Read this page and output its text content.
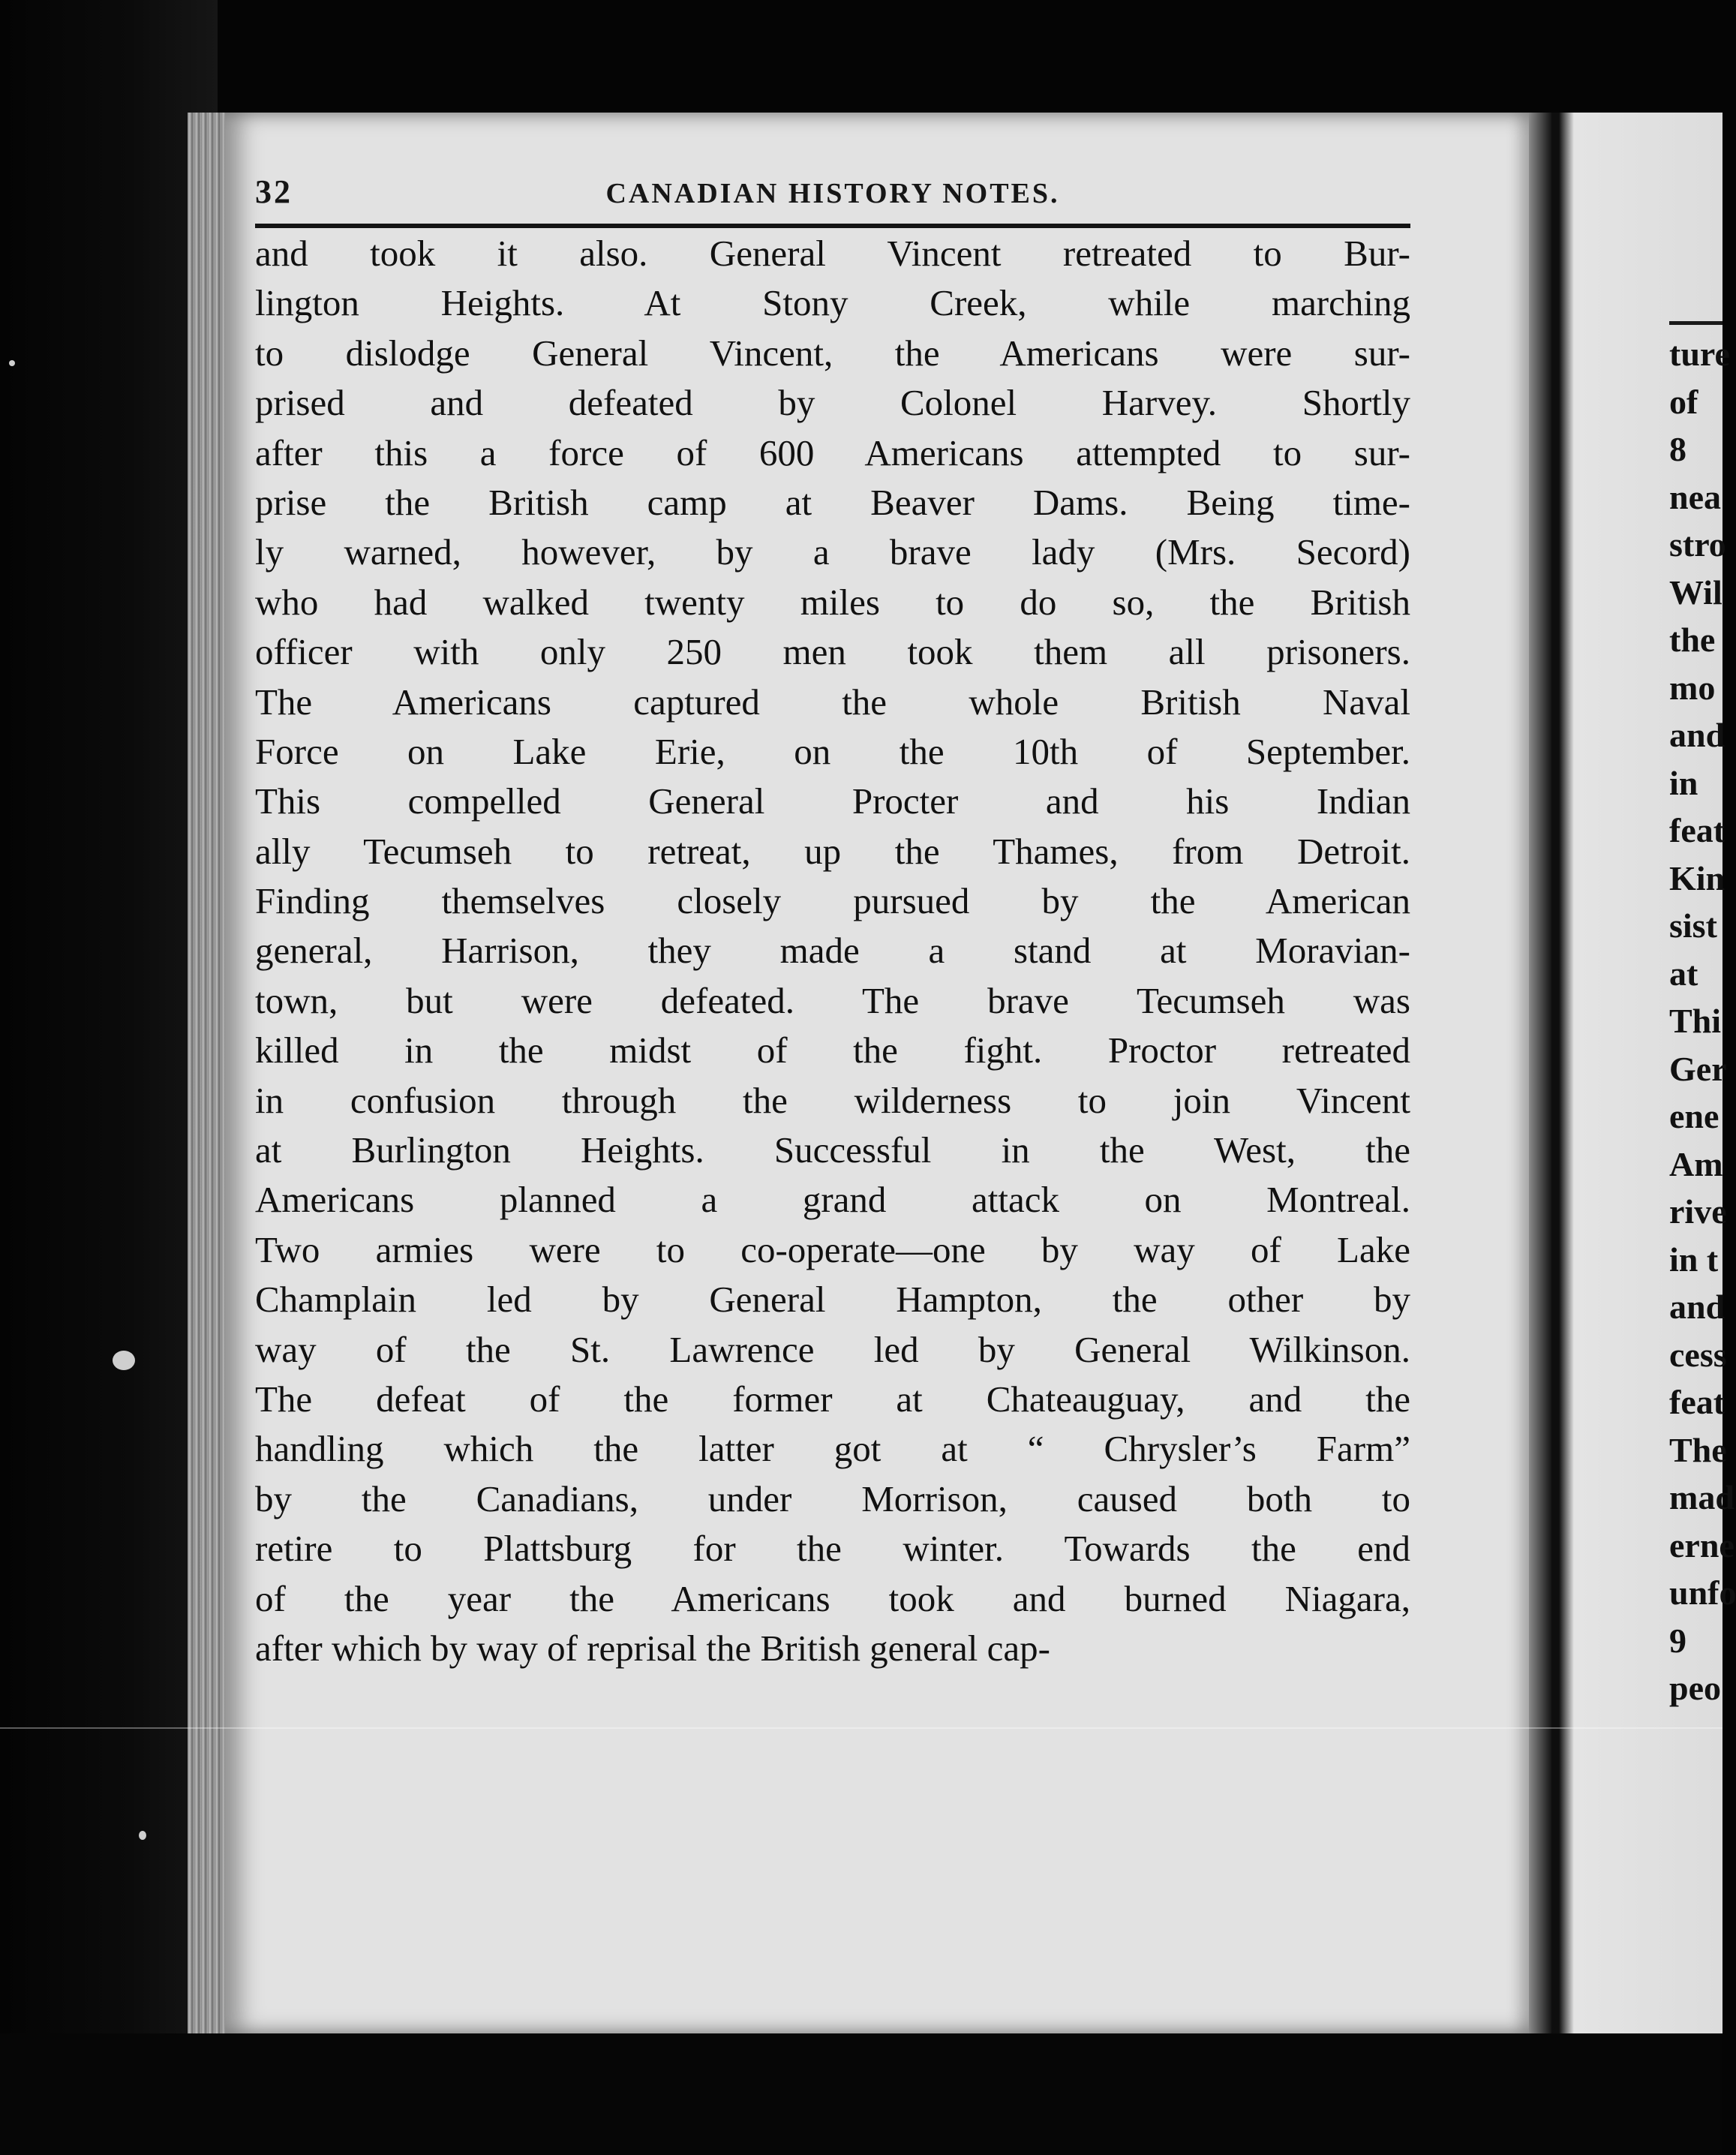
32	CANADIAN HISTORY NOTES.
and took it also. General Vincent retreated to Bur-
lington Heights. At Stony Creek, while marching
to dislodge General Vincent, the Americans were sur-
prised and defeated by Colonel Harvey. Shortly
after this a force of 600 Americans attempted to sur-
prise the British camp at Beaver Dams. Being time-
ly warned, however, by a brave lady (Mrs. Secord)
who had walked twenty miles to do so, the British
officer with only 250 men took them all prisoners.
The Americans captured the whole British Naval
Force on Lake Erie, on the 10th of September.
This compelled General Procter and his Indian
ally Tecumseh to retreat, up the Thames, from Detroit.
Finding themselves closely pursued by the American
general, Harrison, they made a stand at Moravian-
town, but were defeated. The brave Tecumseh was
killed in the midst of the fight. Proctor retreated
in confusion through the wilderness to join Vincent
at Burlington Heights. Successful in the West, the
Americans planned a grand attack on Montreal.
Two armies were to co-operate—one by way of Lake
Champlain led by General Hampton, the other by
way of the St. Lawrence led by General Wilkinson.
The defeat of the former at Chateauguay, and the
handling which the latter got at “ Chrysler’s Farm”
by the Canadians, under Morrison, caused both to
retire to Plattsburg for the winter. Towards the end
of the year the Americans took and burned Niagara,
after which by way of reprisal the British general cap-
ture
of
8
nea
stro
Wil
the
mo
and
in
feat
Kin
sist
at
Thi
Ger
ene
Am
rive
in t
and
cess
feat
The
mad
erne
unfo
9
peo
